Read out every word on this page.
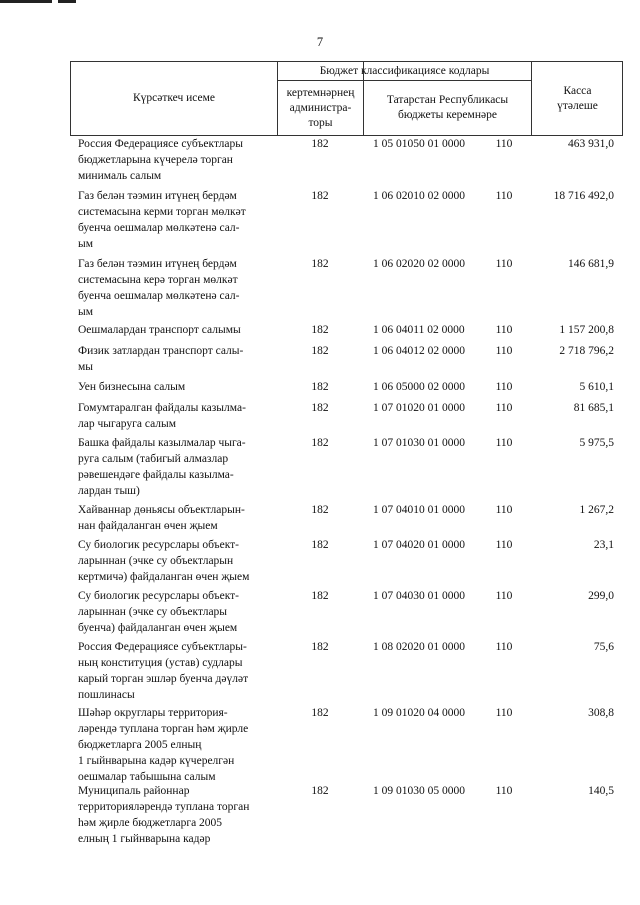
7
Күрсәткеч исеме
Бюджет классификациясе кодлары
кертемнәрнең
администра-
торы
Татарстан Республикасы
бюджеты керемнәре
Касса
үтәлеше
Россия Федерациясе субъектлары
бюджетларына күчерелә торган
минималь салым
182	1 05 01050 01 0000	110	463 931,0
Газ белән тәэмин итүнең бердәм
системасына керми торган мөлкәт
буенча оешмалар мөлкәтенә сал-
ым
182	1 06 02010 02 0000	110	18 716 492,0
Газ белән тәэмин итүнең бердәм
системасына керә торган мөлкәт
буенча оешмалар мөлкәтенә сал-
ым
182	1 06 02020 02 0000	110	146 681,9
Оешмалардан транспорт салымы	182	1 06 04011 02 0000	110	1 157 200,8
Физик затлардан транспорт салы-
мы
182	1 06 04012 02 0000	110	2 718 796,2
Уен бизнесына салым	182	1 06 05000 02 0000	110	5 610,1
Гомумтаралган файдалы казылма-
лар чыгаруга салым
182	1 07 01020 01 0000	110	81 685,1
Башка файдалы казылмалар чыга-
руга салым (табигый алмазлар
рәвешендәге файдалы казылма-
лардан тыш)
182	1 07 01030 01 0000	110	5 975,5
Хайваннар дөньясы объектларын-
нан файдаланган өчен җыем
182	1 07 04010 01 0000	110	1 267,2
Су биологик ресурслары объект-
ларыннан (эчке су объектларын
кертмичә) файдаланган өчен җыем
182	1 07 04020 01 0000	110	23,1
Су биологик ресурслары объект-
ларыннан (эчке су объектлары
буенча) файдаланган өчен җыем
182	1 07 04030 01 0000	110	299,0
Россия Федерациясе субъектлары-
ның конституция (устав) судлары
карый торган эшләр буенча дәүләт
пошлинасы
182	1 08 02020 01 0000	110	75,6
Шәһәр округлары территория-
ләрендә туплана торган һәм җирле
бюджетларга 2005 елның
1 гыйнварына кадәр күчерелгән
оешмалар табышына салым
182	1 09 01020 04 0000	110	308,8
Муниципаль районнар
территорияләрендә туплана торган
һәм җирле бюджетларга 2005
елның 1 гыйнварына кадәр
182	1 09 01030 05 0000	110	140,5
